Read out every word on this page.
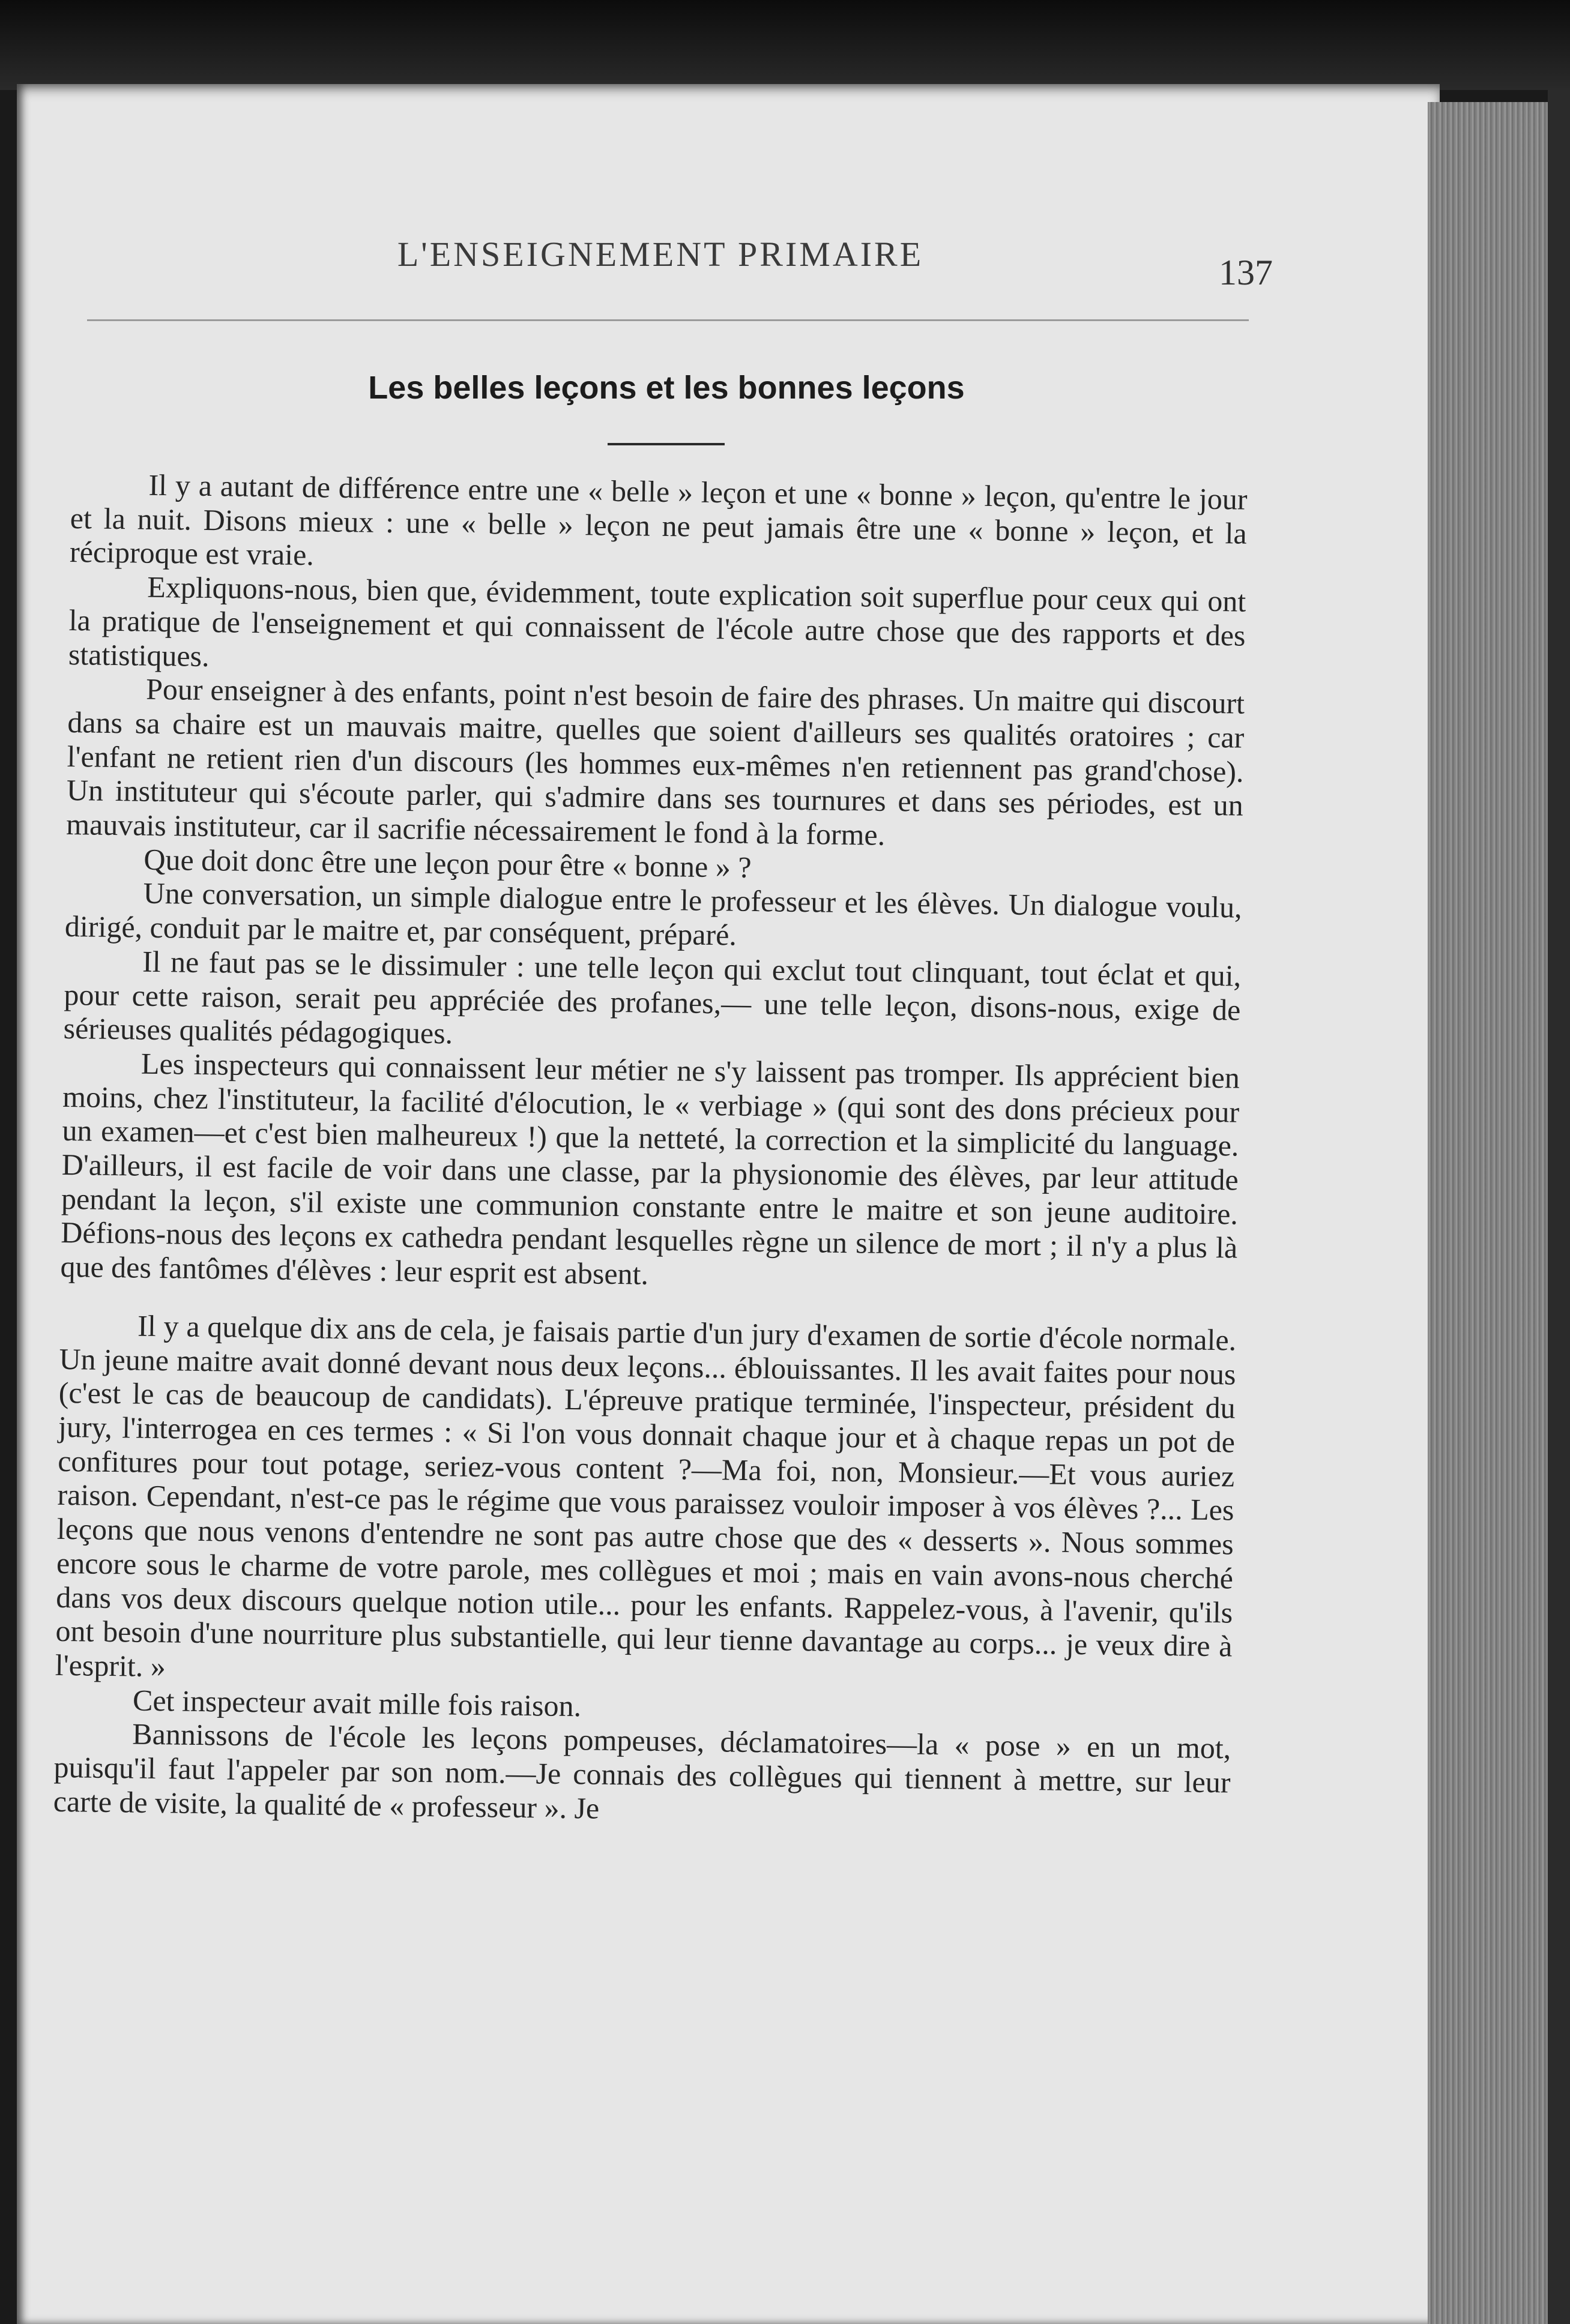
L'ENSEIGNEMENT PRIMAIRE	137
Les belles leçons et les bonnes leçons

Il y a autant de différence entre une « belle » leçon et une « bonne » leçon, qu'entre le jour et la nuit. Disons mieux : une « belle » leçon ne peut jamais être une « bonne » leçon, et la réciproque est vraie.

Expliquons-nous, bien que, évidemment, toute explication soit superflue pour ceux qui ont la pratique de l'enseignement et qui connaissent de l'école autre chose que des rapports et des statistiques.

Pour enseigner à des enfants, point n'est besoin de faire des phrases. Un maitre qui discourt dans sa chaire est un mauvais maitre, quelles que soient d'ailleurs ses qualités oratoires ; car l'enfant ne retient rien d'un discours (les hommes eux-mêmes n'en retiennent pas grand'chose). Un instituteur qui s'écoute parler, qui s'admire dans ses tournures et dans ses périodes, est un mauvais instituteur, car il sacrifie nécessairement le fond à la forme.

Que doit donc être une leçon pour être « bonne » ?

Une conversation, un simple dialogue entre le professeur et les élèves. Un dialogue voulu, dirigé, conduit par le maitre et, par conséquent, préparé.

Il ne faut pas se le dissimuler : une telle leçon qui exclut tout clinquant, tout éclat et qui, pour cette raison, serait peu appréciée des profanes,— une telle leçon, disons-nous, exige de sérieuses qualités pédagogiques.

Les inspecteurs qui connaissent leur métier ne s'y laissent pas tromper. Ils apprécient bien moins, chez l'instituteur, la facilité d'élocution, le « verbiage » (qui sont des dons précieux pour un examen—et c'est bien malheureux !) que la netteté, la correction et la simplicité du language. D'ailleurs, il est facile de voir dans une classe, par la physionomie des élèves, par leur attitude pendant la leçon, s'il existe une communion constante entre le maitre et son jeune auditoire. Défions-nous des leçons ex cathedra pendant lesquelles règne un silence de mort ; il n'y a plus là que des fantômes d'élèves : leur esprit est absent.

Il y a quelque dix ans de cela, je faisais partie d'un jury d'examen de sortie d'école normale. Un jeune maitre avait donné devant nous deux leçons... éblouissantes. Il les avait faites pour nous (c'est le cas de beaucoup de candidats). L'épreuve pratique terminée, l'inspecteur, président du jury, l'interrogea en ces termes : « Si l'on vous donnait chaque jour et à chaque repas un pot de confitures pour tout potage, seriez-vous content ?—Ma foi, non, Monsieur.—Et vous auriez raison. Cependant, n'est-ce pas le régime que vous paraissez vouloir imposer à vos élèves ?... Les leçons que nous venons d'entendre ne sont pas autre chose que des « desserts ». Nous sommes encore sous le charme de votre parole, mes collègues et moi ; mais en vain avons-nous cherché dans vos deux discours quelque notion utile... pour les enfants. Rappelez-vous, à l'avenir, qu'ils ont besoin d'une nourriture plus substantielle, qui leur tienne davantage au corps... je veux dire à l'esprit. »

Cet inspecteur avait mille fois raison.

Bannissons de l'école les leçons pompeuses, déclamatoires—la « pose » en un mot, puisqu'il faut l'appeler par son nom.—Je connais des collègues qui tiennent à mettre, sur leur carte de visite, la qualité de « professeur ». Je
